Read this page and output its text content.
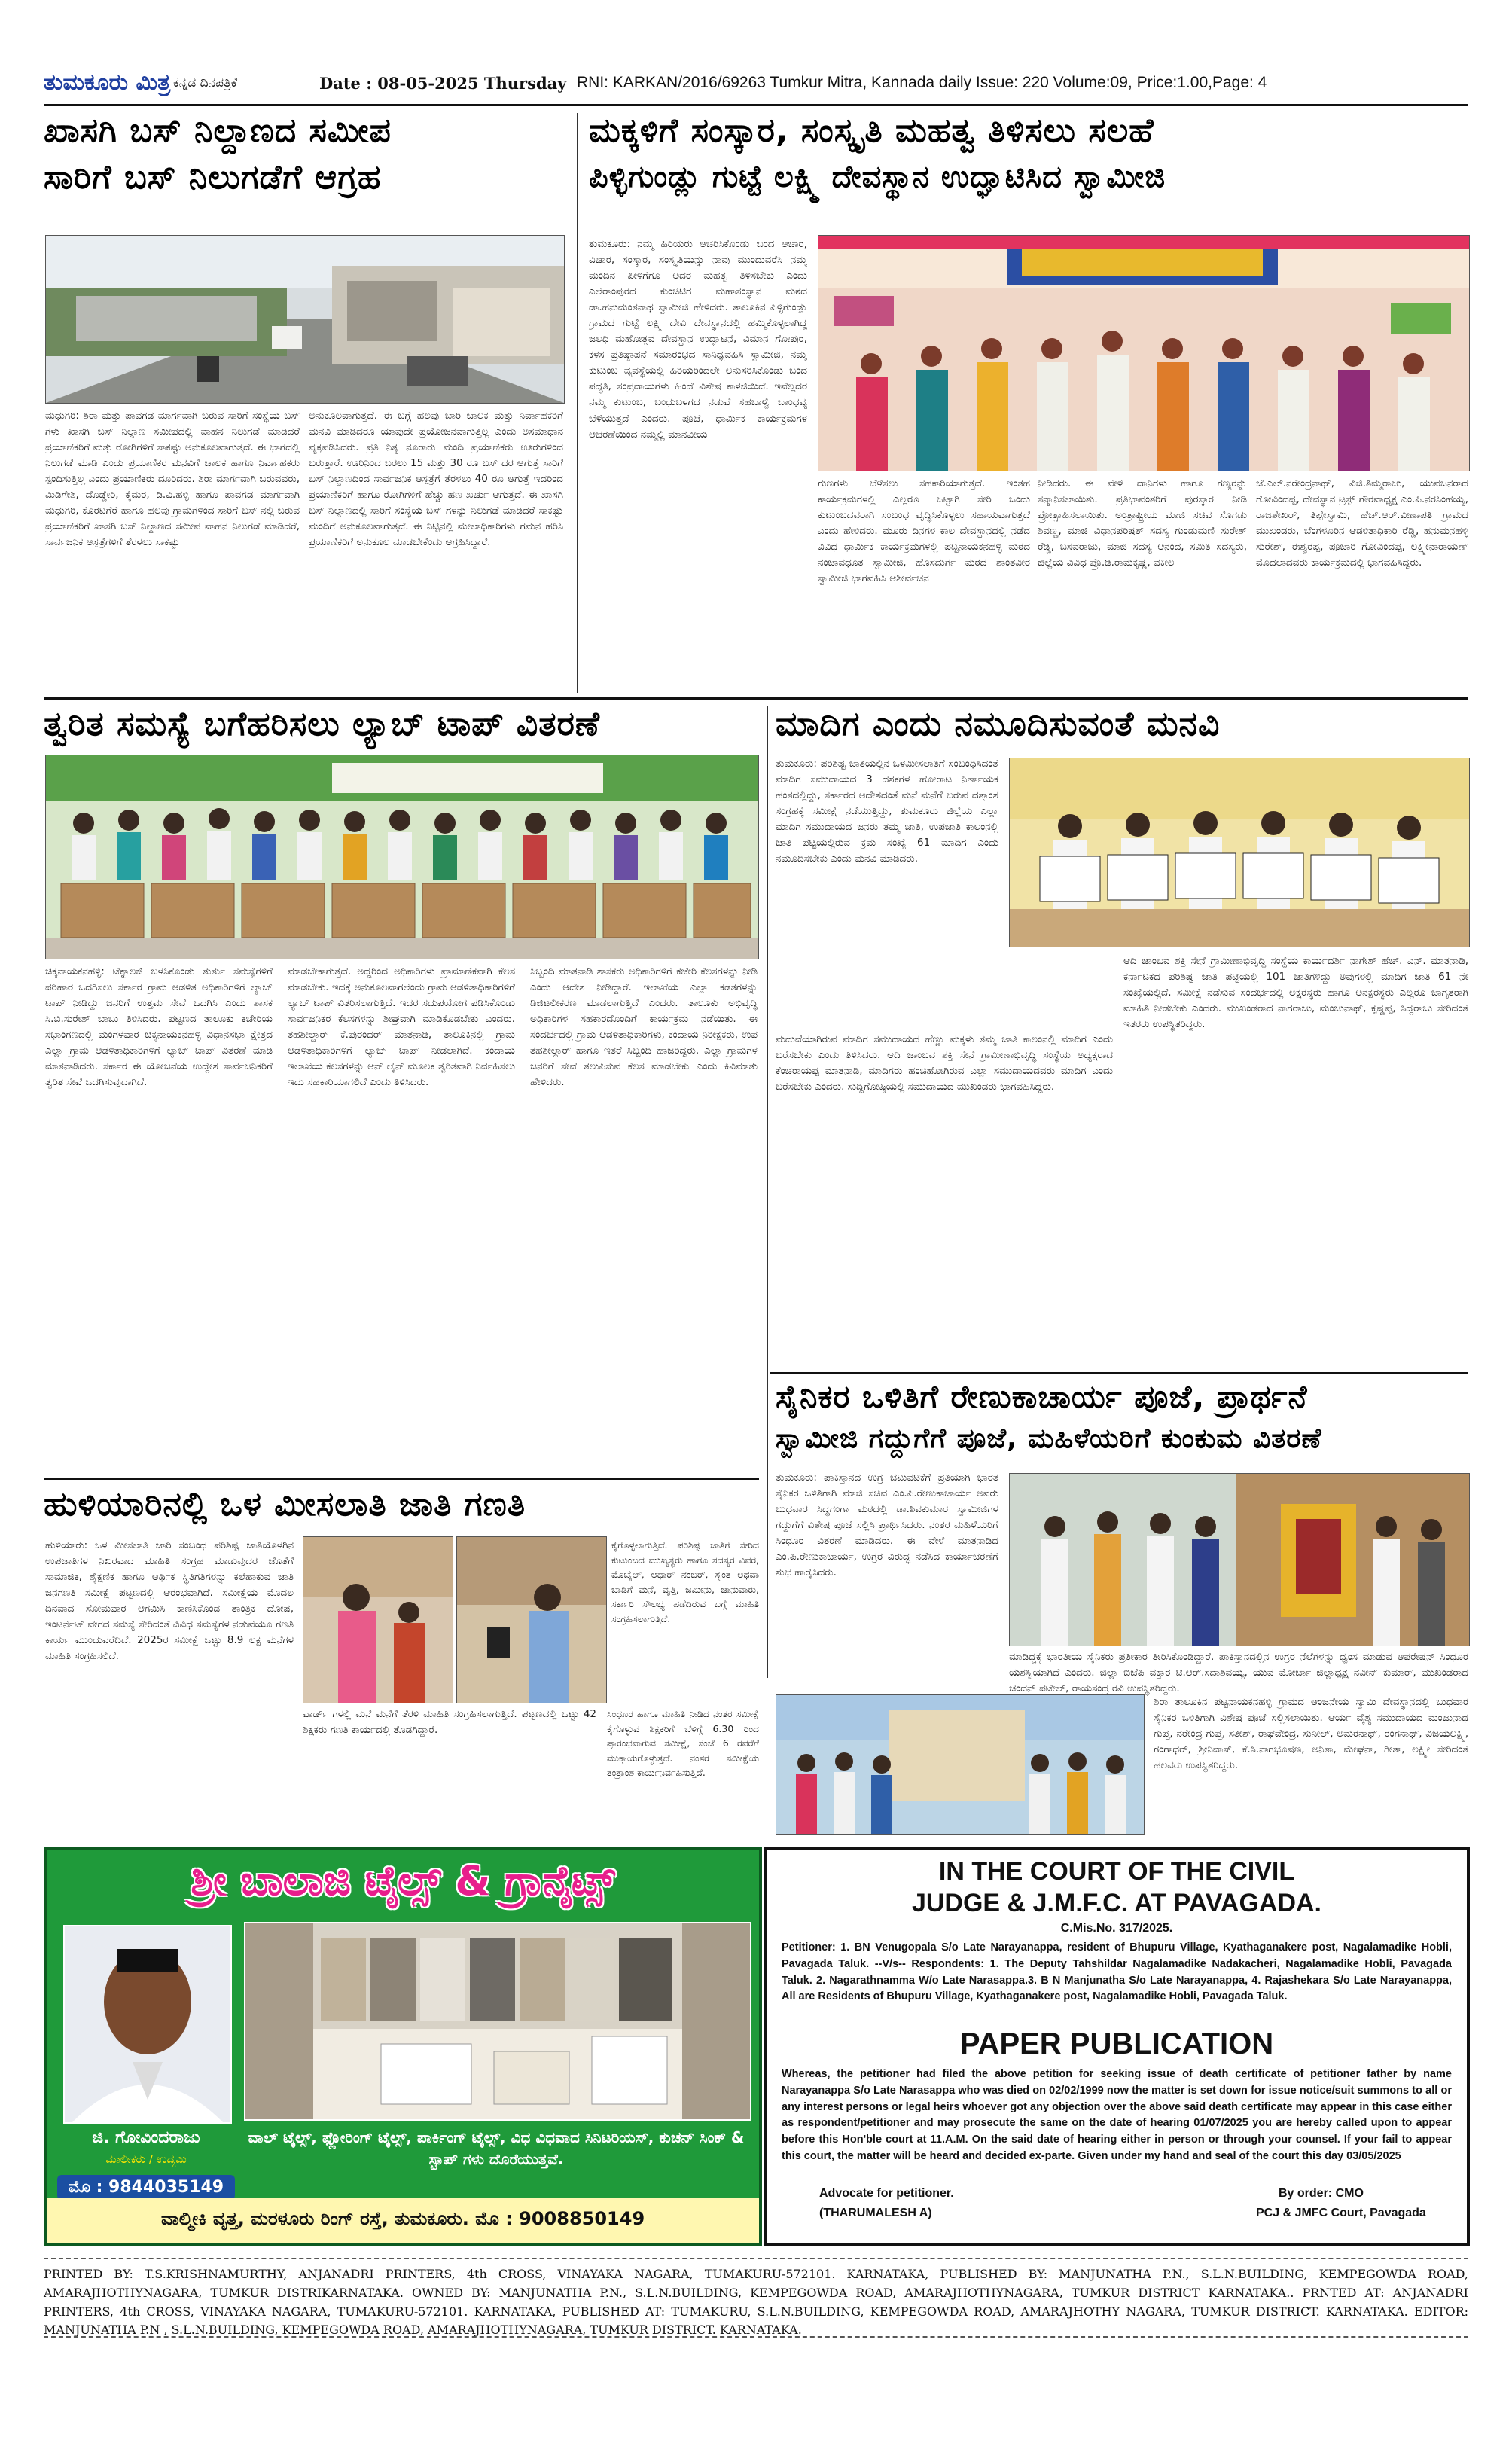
ತುಮಕೂರು ಮಿತ್ರ ಕನ್ನಡ ದಿನಪತ್ರಿಕೆ	Date : 08-05-2025 Thursday RNI: KARKAN/2016/69263 Tumkur Mitra, Kannada daily Issue: 220 Volume:09, Price:1.00,Page: 4
ಖಾಸಗಿ ಬಸ್ ನಿಲ್ದಾಣದ ಸಮೀಪ
ಸಾರಿಗೆ ಬಸ್ ನಿಲುಗಡೆಗೆ ಆಗ್ರಹ
ಮಧುಗಿರಿ: ಶಿರಾ ಮತ್ತು ಪಾವಗಡ ಮಾರ್ಗವಾಗಿ ಬರುವ ಸಾರಿಗೆ ಸಂಸ್ಥೆಯ ಬಸ್ ಗಳು ಖಾಸಗಿ ಬಸ್ ನಿಲ್ದಾಣ ಸಮೀಪದಲ್ಲಿ ವಾಹನ ನಿಲುಗಡೆ ಮಾಡಿದರೆ ಪ್ರಯಾಣಿಕರಿಗೆ ಮತ್ತು ರೋಗಿಗಳಿಗೆ ಸಾಕಷ್ಟು ಅನುಕೂಲವಾಗುತ್ತದೆ. ಈ ಭಾಗದಲ್ಲಿ ನಿಲುಗಡೆ ಮಾಡಿ ಎಂದು ಪ್ರಯಾಣಿಕರ ಮನವಿಗೆ ಚಾಲಕ ಹಾಗೂ ನಿರ್ವಾಹಕರು ಸ್ಪಂದಿಸುತ್ತಿಲ್ಲ ಎಂದು ಪ್ರಯಾಣಿಕರು ದೂರಿದರು. ಶಿರಾ ಮಾರ್ಗವಾಗಿ ಬರುವವರು, ಮಿಡಿಗೇಶಿ, ದೊಡ್ಡೇರಿ, ಕೈಮರ, ಡಿ.ವಿ.ಹಳ್ಳಿ ಹಾಗೂ ಪಾವಗಡ ಮಾರ್ಗವಾಗಿ ಮಧುಗಿರಿ, ಕೊರಟಗೆರೆ ಹಾಗೂ ಹಲವು ಗ್ರಾಮಗಳಿಂದ ಸಾರಿಗೆ ಬಸ್ ನಲ್ಲಿ ಬರುವ ಪ್ರಯಾಣಿಕರಿಗೆ ಖಾಸಗಿ ಬಸ್ ನಿಲ್ದಾಣದ ಸಮೀಪ ವಾಹನ ನಿಲುಗಡೆ ಮಾಡಿದರೆ, ಸಾರ್ವಜನಿಕ ಆಸ್ಪತ್ರೆಗಳಿಗೆ ತೆರಳಲು ಸಾಕಷ್ಟು
ಅನುಕೂಲವಾಗುತ್ತದೆ. ಈ ಬಗ್ಗೆ ಹಲವು ಬಾರಿ ಚಾಲಕ ಮತ್ತು ನಿರ್ವಾಹಕರಿಗೆ ಮನವಿ ಮಾಡಿದರೂ ಯಾವುದೇ ಪ್ರಯೋಜನವಾಗುತ್ತಿಲ್ಲ ಎಂದು ಅಸಮಾಧಾನ ವ್ಯಕ್ತಪಡಿಸಿದರು. ಪ್ರತಿ ನಿತ್ಯ ನೂರಾರು ಮಂದಿ ಪ್ರಯಾಣಿಕರು ಊರುಗಳಿಂದ ಬರುತ್ತಾರೆ. ಊರಿನಿಂದ ಬರಲು 15 ಮತ್ತು 30 ರೂ ಬಸ್ ದರ ಆಗುತ್ತೆ ಸಾರಿಗೆ ಬಸ್ ನಿಲ್ದಾಣದಿಂದ ಸಾರ್ವಜನಿಕ ಆಸ್ಪತ್ರೆಗೆ ತೆರಳಲು 40 ರೂ ಆಗುತ್ತೆ ಇದರಿಂದ ಪ್ರಯಾಣಿಕರಿಗೆ ಹಾಗೂ ರೋಗಿಗಳಿಗೆ ಹೆಚ್ಚು ಹಣ ಖರ್ಚು ಆಗುತ್ತದೆ. ಈ ಖಾಸಗಿ ಬಸ್ ನಿಲ್ದಾಣದಲ್ಲಿ ಸಾರಿಗೆ ಸಂಸ್ಥೆಯ ಬಸ್ ಗಳನ್ನು ನಿಲುಗಡೆ ಮಾಡಿದರೆ ಸಾಕಷ್ಟು ಮಂದಿಗೆ ಅನುಕೂಲವಾಗುತ್ತದೆ. ಈ ನಿಟ್ಟಿನಲ್ಲಿ ಮೇಲಾಧಿಕಾರಿಗಳು ಗಮನ ಹರಿಸಿ ಪ್ರಯಾಣಿಕರಿಗೆ ಅನುಕೂಲ ಮಾಡಬೇಕೆಂದು ಆಗ್ರಹಿಸಿದ್ದಾರೆ.
ಮಕ್ಕಳಿಗೆ ಸಂಸ್ಕಾರ, ಸಂಸ್ಕೃತಿ ಮಹತ್ವ ತಿಳಿಸಲು ಸಲಹೆ
ಪಿಳ್ಳಿಗುಂಡ್ಲು ಗುಟ್ಟೆ ಲಕ್ಷ್ಮಿ ದೇವಸ್ಥಾನ ಉದ್ಘಾಟಿಸಿದ ಸ್ವಾಮೀಜಿ
ತುಮಕೂರು: ನಮ್ಮ ಹಿರಿಯರು ಆಚರಿಸಿಕೊಂಡು ಬಂದ ಆಚಾರ, ವಿಚಾರ, ಸಂಸ್ಕಾರ, ಸಂಸ್ಕೃತಿಯನ್ನು ನಾವು ಮುಂದುವರೆಸಿ ನಮ್ಮ ಮಂದಿನ ಪೀಳಿಗೆಗೂ ಅದರ ಮಹತ್ವ ತಿಳಿಸಬೇಕು ಎಂದು ಎಲೆರಾಂಪುರದ ಕುಂಚಿಟಿಗ ಮಹಾಸಂಸ್ಥಾನ ಮಠದ ಡಾ.ಹನುಮಂತನಾಥ ಸ್ವಾಮೀಜಿ ಹೇಳಿದರು. ತಾಲೂಕಿನ ಪಿಳ್ಳಿಗುಂಡ್ಲು ಗ್ರಾಮದ ಗುಟ್ಟೆ ಲಕ್ಷ್ಮಿ ದೇವಿ ದೇವಸ್ಥಾನದಲ್ಲಿ ಹಮ್ಮಿಕೊಳ್ಳಲಾಗಿದ್ದ ಜಲಧಿ ಮಹೋತ್ಸವ ದೇವಸ್ಥಾನ ಉದ್ಘಾಟನೆ, ವಿಮಾನ ಗೋಪುರ, ಕಳಸ ಪ್ರತಿಷ್ಠಾಪನೆ ಸಮಾರಂಭದ ಸಾನಿಧ್ಯವಹಿಸಿ ಸ್ವಾಮೀಜಿ, ನಮ್ಮ ಕುಟುಂಬ ವ್ಯವಸ್ಥೆಯಲ್ಲಿ ಹಿರಿಯರಿಂದಲೇ ಅನುಸರಿಸಿಕೊಂಡು ಬಂದ ಪದ್ಧತಿ, ಸಂಪ್ರದಾಯಗಳು ಹಿಂದೆ ವಿಶೇಷ ಕಾಳಜಿಯಿದೆ. ಇವೆಲ್ಲದರ ನಮ್ಮ ಕುಟುಂಬ, ಬಂಧುಬಳಗದ ನಡುವೆ ಸಹಬಾಳ್ವೆ ಬಾಂಧವ್ಯ ಬೆಳೆಯುತ್ತದೆ ಎಂದರು. ಪೂಜೆ, ಧಾರ್ಮಿಕ ಕಾರ್ಯಕ್ರಮಗಳ ಆಚರಣೆಯಿಂದ ನಮ್ಮಲ್ಲಿ ಮಾನವೀಯ
ಗುಣಗಳು ಬೆಳೆಸಲು ಸಹಕಾರಿಯಾಗುತ್ತದೆ. ಇಂತಹ ಕಾರ್ಯಕ್ರಮಗಳಲ್ಲಿ ಎಲ್ಲರೂ ಒಟ್ಟಾಗಿ ಸೇರಿ ಒಂದು ಕುಟುಂಬದವರಾಗಿ ಸಂಬಂಧ ವೃದ್ಧಿಸಿಕೊಳ್ಳಲು ಸಹಾಯವಾಗುತ್ತದೆ ಎಂದು ಹೇಳಿದರು. ಮೂರು ದಿನಗಳ ಕಾಲ ದೇವಸ್ಥಾನದಲ್ಲಿ ನಡೆದ ವಿವಿಧ ಧಾರ್ಮಿಕ ಕಾರ್ಯಕ್ರಮಗಳಲ್ಲಿ ಪಟ್ಟನಾಯಕನಹಳ್ಳಿ ಮಠದ ನಂಜಾವಧೂತ ಸ್ವಾಮೀಜಿ, ಹೊಸದುರ್ಗ ಮಠದ ಶಾಂತವೀರ ಸ್ವಾಮೀಜಿ ಭಾಗವಹಿಸಿ ಆಶೀರ್ವಚನ
ನೀಡಿದರು. ಈ ವೇಳೆ ದಾನಿಗಳು ಹಾಗೂ ಗಣ್ಯರನ್ನು ಸನ್ಮಾನಿಸಲಾಯಿತು. ಪ್ರತಿಭಾವಂತರಿಗೆ ಪುರಸ್ಕಾರ ನೀಡಿ ಪ್ರೋತ್ಸಾಹಿಸಲಾಯಿತು. ಅಂತ್ರಾಷ್ಟ್ರೀಯ ಮಾಜಿ ಸಚಿವ ಸೊಗಡು ಶಿವಣ್ಣ, ಮಾಜಿ ವಿಧಾನಪರಿಷತ್ ಸದಸ್ಯ ಗುಂಡುಮಣಿ ಸುರೇಶ್ ರೆಡ್ಡಿ, ಬಸವರಾಜು, ಮಾಜಿ ಸದಸ್ಯ ಆನಂದ, ಸಮಿತಿ ಸದಸ್ಯರು, ಜಿಲ್ಲೆಯ ವಿವಿಧ ಪ್ರೊ.ಡಿ.ರಾಮಕೃಷ್ಣ, ವಕೀಲ
ಜೆ.ಎಲ್.ನರೇಂದ್ರನಾಥ್, ವಿಜಿ.ತಿಮ್ಮರಾಜು, ಯುವಜನರಾದ ಗೋವಿಂದಪ್ಪ, ದೇವಸ್ಥಾನ ಟ್ರಸ್ಟ್ ಗೌರವಾಧ್ಯಕ್ಷ ಎಂ.ಪಿ.ನರಸಿಂಹಯ್ಯ, ರಾಜಶೇಖರ್, ತಿಪ್ಪೇಸ್ವಾಮಿ, ಹೆಚ್.ಆರ್.ವೀಣಾಪತಿ ಗ್ರಾಮದ ಮುಖಂಡರು, ಬೆಂಗಳೂರಿನ ಆಡಳಿತಾಧಿಕಾರಿ ರೆಡ್ಡಿ, ಹನುಮನಹಳ್ಳಿ ಸುರೇಶ್, ಈಶ್ವರಪ್ಪ, ಪೂಜಾರಿ ಗೋವಿಂದಪ್ಪ, ಲಕ್ಷ್ಮೀನಾರಾಯಣ್ ಮೊದಲಾದವರು ಕಾರ್ಯಕ್ರಮದಲ್ಲಿ ಭಾಗವಹಿಸಿದ್ದರು.
ತ್ವರಿತ ಸಮಸ್ಯೆ ಬಗೆಹರಿಸಲು ಲ್ಯಾಬ್ ಟಾಪ್ ವಿತರಣೆ
ಚಿಕ್ಕನಾಯಕನಹಳ್ಳಿ: ಟೆಕ್ನಾಲಜಿ ಬಳಸಿಕೊಂಡು ತುರ್ತು ಸಮಸ್ಯೆಗಳಿಗೆ ಪರಿಹಾರ ಒದಗಿಸಲು ಸರ್ಕಾರ ಗ್ರಾಮ ಆಡಳಿತ ಅಧಿಕಾರಿಗಳಿಗೆ ಲ್ಯಾಬ್ ಟಾಪ್ ನೀಡಿದ್ದು ಜನರಿಗೆ ಉತ್ತಮ ಸೇವೆ ಒದಗಿಸಿ ಎಂದು ಶಾಸಕ ಸಿ.ಬಿ.ಸುರೇಶ್ ಬಾಬು ತಿಳಿಸಿದರು. ಪಟ್ಟಣದ ತಾಲೂಕು ಕಚೇರಿಯ ಸಭಾಂಗಣದಲ್ಲಿ ಮಂಗಳವಾರ ಚಿಕ್ಕನಾಯಕನಹಳ್ಳಿ ವಿಧಾನಸಭಾ ಕ್ಷೇತ್ರದ ಎಲ್ಲಾ ಗ್ರಾಮ ಆಡಳಿತಾಧಿಕಾರಿಗಳಿಗೆ ಲ್ಯಾಬ್ ಟಾಪ್ ವಿತರಣೆ ಮಾಡಿ ಮಾತನಾಡಿದರು. ಸರ್ಕಾರ ಈ ಯೋಜನೆಯ ಉದ್ದೇಶ ಸಾರ್ವಜನಿಕರಿಗೆ ತ್ವರಿತ ಸೇವೆ ಒದಗಿಸುವುದಾಗಿದೆ.
ಮಾಡಬೇಕಾಗುತ್ತದೆ. ಅದ್ದರಿಂದ ಅಧಿಕಾರಿಗಳು ಪ್ರಾಮಾಣಿಕವಾಗಿ ಕೆಲಸ ಮಾಡಬೇಕು. ಇದಕ್ಕೆ ಅನುಕೂಲವಾಗಲೆಂದು ಗ್ರಾಮ ಆಡಳಿತಾಧಿಕಾರಿಗಳಿಗೆ ಲ್ಯಾಬ್ ಟಾಪ್ ವಿತರಿಸಲಾಗುತ್ತಿದೆ. ಇದರ ಸದುಪಯೋಗ ಪಡಿಸಿಕೊಂಡು ಸಾರ್ವಜನಿಕರ ಕೆಲಸಗಳನ್ನು ಶೀಘ್ರವಾಗಿ ಮಾಡಿಕೊಡಬೇಕು ಎಂದರು. ತಹಶೀಲ್ದಾರ್ ಕೆ.ಪುರಂದರ್ ಮಾತನಾಡಿ, ತಾಲೂಕಿನಲ್ಲಿ ಗ್ರಾಮ ಆಡಳಿತಾಧಿಕಾರಿಗಳಿಗೆ ಲ್ಯಾಬ್ ಟಾಪ್ ನೀಡಲಾಗಿದೆ. ಕಂದಾಯ ಇಲಾಖೆಯ ಕೆಲಸಗಳನ್ನು ಆನ್ ಲೈನ್ ಮೂಲಕ ತ್ವರಿತವಾಗಿ ನಿರ್ವಹಿಸಲು ಇದು ಸಹಕಾರಿಯಾಗಲಿದೆ ಎಂದು ತಿಳಿಸಿದರು.
ಸಿಬ್ಬಂದಿ ಮಾತನಾಡಿ ಶಾಸಕರು ಅಧಿಕಾರಿಗಳಿಗೆ ಕಚೇರಿ ಕೆಲಸಗಳನ್ನು ನೀಡಿ ಎಂದು ಆದೇಶ ನೀಡಿದ್ದಾರೆ. ಇಲಾಖೆಯ ಎಲ್ಲಾ ಕಡತಗಳನ್ನು ಡಿಜಿಟಲೀಕರಣ ಮಾಡಲಾಗುತ್ತಿದೆ ಎಂದರು. ತಾಲೂಕು ಅಭಿವೃದ್ಧಿ ಅಧಿಕಾರಿಗಳ ಸಹಕಾರದೊಂದಿಗೆ ಕಾರ್ಯಕ್ರಮ ನಡೆಯಿತು. ಈ ಸಂದರ್ಭದಲ್ಲಿ ಗ್ರಾಮ ಆಡಳಿತಾಧಿಕಾರಿಗಳು, ಕಂದಾಯ ನಿರೀಕ್ಷಕರು, ಉಪ ತಹಶೀಲ್ದಾರ್ ಹಾಗೂ ಇತರೆ ಸಿಬ್ಬಂದಿ ಹಾಜರಿದ್ದರು. ಎಲ್ಲಾ ಗ್ರಾಮಗಳ ಜನರಿಗೆ ಸೇವೆ ತಲುಪಿಸುವ ಕೆಲಸ ಮಾಡಬೇಕು ಎಂದು ಕಿವಿಮಾತು ಹೇಳಿದರು.
ಮಾದಿಗ ಎಂದು ನಮೂದಿಸುವಂತೆ ಮನವಿ
ತುಮಕೂರು: ಪರಿಶಿಷ್ಟ ಜಾತಿಯಲ್ಲಿನ ಒಳಮೀಸಲಾತಿಗೆ ಸಂಬಂಧಿಸಿದಂತೆ ಮಾದಿಗ ಸಮುದಾಯದ 3 ದಶಕಗಳ ಹೋರಾಟ ನಿರ್ಣಾಯಕ ಹಂತದಲ್ಲಿದ್ದು, ಸರ್ಕಾರದ ಆದೇಶದಂತೆ ಮನೆ ಮನೆಗೆ ಬರುವ ದತ್ತಾಂಶ ಸಂಗ್ರಹಕ್ಕೆ ಸಮೀಕ್ಷೆ ನಡೆಯುತ್ತಿದ್ದು, ತುಮಕೂರು ಜಿಲ್ಲೆಯ ಎಲ್ಲಾ ಮಾದಿಗ ಸಮುದಾಯದ ಜನರು ತಮ್ಮ ಜಾತಿ, ಉಪಜಾತಿ ಕಾಲಂನಲ್ಲಿ ಜಾತಿ ಪಟ್ಟಿಯಲ್ಲಿರುವ ಕ್ರಮ ಸಂಖ್ಯೆ 61 ಮಾದಿಗ ಎಂದು ನಮೂದಿಸಬೇಕು ಎಂದು ಮನವಿ ಮಾಡಿದರು.
ಮದುವೆಯಾಗಿರುವ ಮಾದಿಗ ಸಮುದಾಯದ ಹೆಣ್ಣು ಮಕ್ಕಳು ತಮ್ಮ ಜಾತಿ ಕಾಲಂನಲ್ಲಿ ಮಾದಿಗ ಎಂದು ಬರೆಸಬೇಕು ಎಂದು ತಿಳಿಸಿದರು. ಆದಿ ಜಾಂಬವ ಶಕ್ತಿ ಸೇನೆ ಗ್ರಾಮೀಣಾಭಿವೃದ್ಧಿ ಸಂಸ್ಥೆಯ ಅಧ್ಯಕ್ಷರಾದ ಕೆಂಚರಾಯಪ್ಪ ಮಾತನಾಡಿ, ಮಾದಿಗರು ಹಂಚಿಹೋಗಿರುವ ಎಲ್ಲಾ ಸಮುದಾಯದವರು ಮಾದಿಗ ಎಂದು ಬರೆಸಬೇಕು ಎಂದರು. ಸುದ್ದಿಗೋಷ್ಠಿಯಲ್ಲಿ ಸಮುದಾಯದ ಮುಖಂಡರು ಭಾಗವಹಿಸಿದ್ದರು.
ಆದಿ ಜಾಂಬವ ಶಕ್ತಿ ಸೇನೆ ಗ್ರಾಮೀಣಾಭಿವೃದ್ಧಿ ಸಂಸ್ಥೆಯ ಕಾರ್ಯದರ್ಶಿ ನಾಗೇಶ್ ಹೆಚ್. ಎನ್. ಮಾತನಾಡಿ, ಕರ್ನಾಟಕದ ಪರಿಶಿಷ್ಟ ಜಾತಿ ಪಟ್ಟಿಯಲ್ಲಿ 101 ಜಾತಿಗಳಿದ್ದು ಅವುಗಳಲ್ಲಿ ಮಾದಿಗ ಜಾತಿ 61 ನೇ ಸಂಖ್ಯೆಯಲ್ಲಿದೆ. ಸಮೀಕ್ಷೆ ನಡೆಸುವ ಸಂದರ್ಭದಲ್ಲಿ ಅಕ್ಷರಸ್ಥರು ಹಾಗೂ ಅನಕ್ಷರಸ್ಥರು ಎಲ್ಲರೂ ಜಾಗೃತರಾಗಿ ಮಾಹಿತಿ ನೀಡಬೇಕು ಎಂದರು. ಮುಖಂಡರಾದ ನಾಗರಾಜು, ಮಂಜುನಾಥ್, ಕೃಷ್ಣಪ್ಪ, ಸಿದ್ದರಾಜು ಸೇರಿದಂತೆ ಇತರರು ಉಪಸ್ಥಿತರಿದ್ದರು.
ಸೈನಿಕರ ಒಳಿತಿಗೆ ರೇಣುಕಾಚಾರ್ಯ ಪೂಜೆ, ಪ್ರಾರ್ಥನೆ
ಸ್ವಾಮೀಜಿ ಗದ್ದುಗೆಗೆ ಪೂಜೆ, ಮಹಿಳೆಯರಿಗೆ ಕುಂಕುಮ ವಿತರಣೆ
ತುಮಕೂರು: ಪಾಕಿಸ್ತಾನದ ಉಗ್ರ ಚಟುವಟಿಕೆಗೆ ಪ್ರತಿಯಾಗಿ ಭಾರತ ಸೈನಿಕರ ಒಳಿತಿಗಾಗಿ ಮಾಜಿ ಸಚಿವ ಎಂ.ಪಿ.ರೇಣುಕಾಚಾರ್ಯ ಅವರು ಬುಧವಾರ ಸಿದ್ಧಗಂಗಾ ಮಠದಲ್ಲಿ ಡಾ.ಶಿವಕುಮಾರ ಸ್ವಾಮೀಜಿಗಳ ಗದ್ದುಗೆಗೆ ವಿಶೇಷ ಪೂಜೆ ಸಲ್ಲಿಸಿ ಪ್ರಾರ್ಥಿಸಿದರು. ನಂತರ ಮಹಿಳೆಯರಿಗೆ ಸಿಂಧೂರ ವಿತರಣೆ ಮಾಡಿದರು. ಈ ವೇಳೆ ಮಾತನಾಡಿದ ಎಂ.ಪಿ.ರೇಣುಕಾಚಾರ್ಯ, ಉಗ್ರರ ವಿರುದ್ಧ ನಡೆಸಿದ ಕಾರ್ಯಾಚರಣೆಗೆ ಶುಭ ಹಾರೈಸಿದರು.
ಮಾಡಿದ್ದಕ್ಕೆ ಭಾರತೀಯ ಸೈನಿಕರು ಪ್ರತೀಕಾರ ತೀರಿಸಿಕೊಂಡಿದ್ದಾರೆ. ಪಾಕಿಸ್ತಾನದಲ್ಲಿನ ಉಗ್ರರ ನೆಲೆಗಳನ್ನು ಧ್ವಂಸ ಮಾಡುವ ಆಪರೇಷನ್ ಸಿಂಧೂರ ಯಶಸ್ವಿಯಾಗಿದೆ ಎಂದರು. ಜಿಲ್ಲಾ ಬಿಜೆಪಿ ವಕ್ತಾರ ಟಿ.ಆರ್.ಸದಾಶಿವಯ್ಯ, ಯುವ ಮೋರ್ಚಾ ಜಿಲ್ಲಾಧ್ಯಕ್ಷ ನವೀನ್ ಕುಮಾರ್, ಮುಖಂಡರಾದ ಚಂದನ್ ಪಟೇಲ್, ರಾಯಸಂದ್ರ ರವಿ ಉಪಸ್ಥಿತರಿದ್ದರು.
ಶಿರಾ ತಾಲೂಕಿನ ಪಟ್ಟನಾಯಕನಹಳ್ಳಿ ಗ್ರಾಮದ ಆಂಜನೇಯ ಸ್ವಾಮಿ ದೇವಸ್ಥಾನದಲ್ಲಿ ಬುಧವಾರ ಸೈನಿಕರ ಒಳಿತಿಗಾಗಿ ವಿಶೇಷ ಪೂಜೆ ಸಲ್ಲಿಸಲಾಯಿತು. ಆರ್ಯ ವೈಶ್ಯ ಸಮುದಾಯದ ಮಂಜುನಾಥ ಗುಪ್ತ, ನರೇಂದ್ರ ಗುಪ್ತ, ಸತೀಶ್, ರಾಘವೇಂದ್ರ, ಸುನೀಲ್, ಅಮರನಾಥ್, ರಂಗನಾಥ್, ವಿಜಯಲಕ್ಷ್ಮಿ, ಗಂಗಾಧರ್, ಶ್ರೀನಿವಾಸ್, ಕೆ.ಸಿ.ನಾಗಭೂಷಣ, ಅನಿತಾ, ಮೇಘನಾ, ಗೀತಾ, ಲಕ್ಷ್ಮೀ ಸೇರಿದಂತೆ ಹಲವರು ಉಪಸ್ಥಿತರಿದ್ದರು.
ಹುಳಿಯಾರಿನಲ್ಲಿ ಒಳ ಮೀಸಲಾತಿ ಜಾತಿ ಗಣತಿ
ಹುಳಿಯಾರು: ಒಳ ಮೀಸಲಾತಿ ಜಾರಿ ಸಂಬಂಧ ಪರಿಶಿಷ್ಟ ಜಾತಿಯೊಳಗಿನ ಉಪಜಾತಿಗಳ ನಿಖರವಾದ ಮಾಹಿತಿ ಸಂಗ್ರಹ ಮಾಡುವುದರ ಜೊತೆಗೆ ಸಾಮಾಜಿಕ, ಶೈಕ್ಷಣಿಕ ಹಾಗೂ ಆರ್ಥಿಕ ಸ್ಥಿತಿಗತಿಗಳನ್ನು ಕಲೆಹಾಕುವ ಜಾತಿ ಜನಗಣತಿ ಸಮೀಕ್ಷೆ ಪಟ್ಟಣದಲ್ಲಿ ಆರಂಭವಾಗಿದೆ. ಸಮೀಕ್ಷೆಯ ಮೊದಲ ದಿನವಾದ ಸೋಮವಾರ ಆಗಮಿಸಿ ಕಾಣಿಸಿಕೊಂಡ ತಾಂತ್ರಿಕ ದೋಷ, ಇಂಟರ್ನೆಟ್ ವೇಗದ ಸಮಸ್ಯೆ ಸೇರಿದಂತೆ ವಿವಿಧ ಸಮಸ್ಯೆಗಳ ನಡುವೆಯೂ ಗಣತಿ ಕಾರ್ಯ ಮುಂದುವರೆದಿದೆ. 2025ರ ಸಮೀಕ್ಷೆ ಒಟ್ಟು 8.9 ಲಕ್ಷ ಮನೆಗಳ ಮಾಹಿತಿ ಸಂಗ್ರಹಿಸಲಿದೆ.
ಕೈಗೊಳ್ಳಲಾಗುತ್ತಿದೆ. ಪರಿಶಿಷ್ಟ ಜಾತಿಗೆ ಸೇರಿದ ಕುಟುಂಬದ ಮುಖ್ಯಸ್ಥರು ಹಾಗೂ ಸದಸ್ಯರ ವಿವರ, ಮೊಬೈಲ್, ಆಧಾರ್ ನಂಬರ್, ಸ್ವಂತ ಅಥವಾ ಬಾಡಿಗೆ ಮನೆ, ವೃತ್ತಿ, ಜಮೀನು, ಜಾನುವಾರು, ಸರ್ಕಾರಿ ಸೌಲಭ್ಯ ಪಡೆದಿರುವ ಬಗ್ಗೆ ಮಾಹಿತಿ ಸಂಗ್ರಹಿಸಲಾಗುತ್ತಿದೆ.
ವಾರ್ಡ್ ಗಳಲ್ಲಿ ಮನೆ ಮನೆಗೆ ತೆರಳಿ ಮಾಹಿತಿ ಸಂಗ್ರಹಿಸಲಾಗುತ್ತಿದೆ. ಪಟ್ಟಣದಲ್ಲಿ ಒಟ್ಟು 42 ಶಿಕ್ಷಕರು ಗಣತಿ ಕಾರ್ಯದಲ್ಲಿ ತೊಡಗಿದ್ದಾರೆ.
ಸಿಂಧೂರ ಹಾಗೂ ಮಾಹಿತಿ ನೀಡಿದ ನಂತರ ಸಮೀಕ್ಷೆ ಕೈಗೊಳ್ಳುವ ಶಿಕ್ಷಕರಿಗೆ ಬೆಳಿಗ್ಗೆ 6.30 ರಿಂದ ಪ್ರಾರಂಭವಾಗುವ ಸಮೀಕ್ಷೆ, ಸಂಜೆ 6 ರವರೆಗೆ ಮುಕ್ತಾಯಗೊಳ್ಳುತ್ತದೆ. ನಂತರ ಸಮೀಕ್ಷೆಯ ತಂತ್ರಾಂಶ ಕಾರ್ಯನಿರ್ವಹಿಸುತ್ತಿದೆ.
ಶ್ರೀ ಬಾಲಾಜಿ ಟೈಲ್ಸ್ & ಗ್ರಾನೈಟ್ಸ್
ಜಿ. ಗೋವಿಂದರಾಜು
ಮಾಲೀಕರು / ಉದ್ಯಮಿ
ಮೊ : 9844035149
ವಾಲ್ ಟೈಲ್ಸ್, ಫ್ಲೋರಿಂಗ್ ಟೈಲ್ಸ್, ಪಾರ್ಕಿಂಗ್ ಟೈಲ್ಸ್, ವಿಧ ವಿಧವಾದ ಸಿನಿಟರಿಯಸ್, ಕುಚನ್ ಸಿಂಕ್ & ಸ್ಟಾಪ್ ಗಳು ದೊರೆಯುತ್ತವೆ.
ವಾಲ್ಮೀಕಿ ವೃತ್ತ, ಮರಳೂರು ರಿಂಗ್ ರಸ್ತೆ, ತುಮಕೂರು. ಮೊ : 9008850149
IN THE COURT OF THE CIVIL
JUDGE & J.M.F.C. AT PAVAGADA.
C.Mis.No. 317/2025.
Petitioner: 1. BN Venugopala S/o Late Narayanappa, resident of Bhupuru Village, Kyathaganakere post, Nagalamadike Hobli, Pavagada Taluk. --V/s-- Respondents: 1. The Deputy Tahshildar Nagalamadike Nadakacheri, Nagalamadike Hobli, Pavagada Taluk. 2. Nagarathnamma W/o Late Narasappa.3. B N Manjunatha S/o Late Narayanappa, 4. Rajashekara S/o Late Narayanappa, All are Residents of Bhupuru Village, Kyathaganakere post, Nagalamadike Hobli, Pavagada Taluk.
PAPER PUBLICATION
Whereas, the petitioner had filed the above petition for seeking issue of death certificate of petitioner father by name Narayanappa S/o Late Narasappa who was died on 02/02/1999 now the matter is set down for issue notice/suit summons to all or any interest persons or legal heirs whoever got any objection over the above said death certificate may appear in this case either as respondent/petitioner and may prosecute the same on the date of hearing 01/07/2025 you are hereby called upon to appear before this Hon'ble court at 11.A.M. On the said date of hearing either in person or through your counsel. If your fail to appear this court, the matter will be heard and decided ex-parte. Given under my hand and seal of the court this day 03/05/2025
Advocate for petitioner.
(THARUMALESH A)
By order: CMO
PCJ & JMFC Court, Pavagada
PRINTED BY: T.S.KRISHNAMURTHY, ANJANADRI PRINTERS, 4th CROSS, VINAYAKA NAGARA, TUMAKURU-572101. KARNATAKA, PUBLISHED BY: MANJUNATHA P.N., S.L.N.BUILDING, KEMPEGOWDA ROAD, AMARAJHOTHYNAGARA, TUMKUR DISTRIKARNATAKA. OWNED BY: MANJUNATHA P.N., S.L.N.BUILDING, KEMPEGOWDA ROAD, AMARAJHOTHYNAGARA, TUMKUR DISTRICT KARNATAKA.. PRNTED AT: ANJANADRI PRINTERS, 4th CROSS, VINAYAKA NAGARA, TUMAKURU-572101. KARNATAKA, PUBLISHED AT: TUMAKURU, S.L.N.BUILDING, KEMPEGOWDA ROAD, AMARAJHOTHY NAGARA, TUMKUR DISTRICT. KARNATAKA. EDITOR: MANJUNATHA P.N , S.L.N.BUILDING, KEMPEGOWDA ROAD, AMARAJHOTHYNAGARA, TUMKUR DISTRICT. KARNATAKA.
